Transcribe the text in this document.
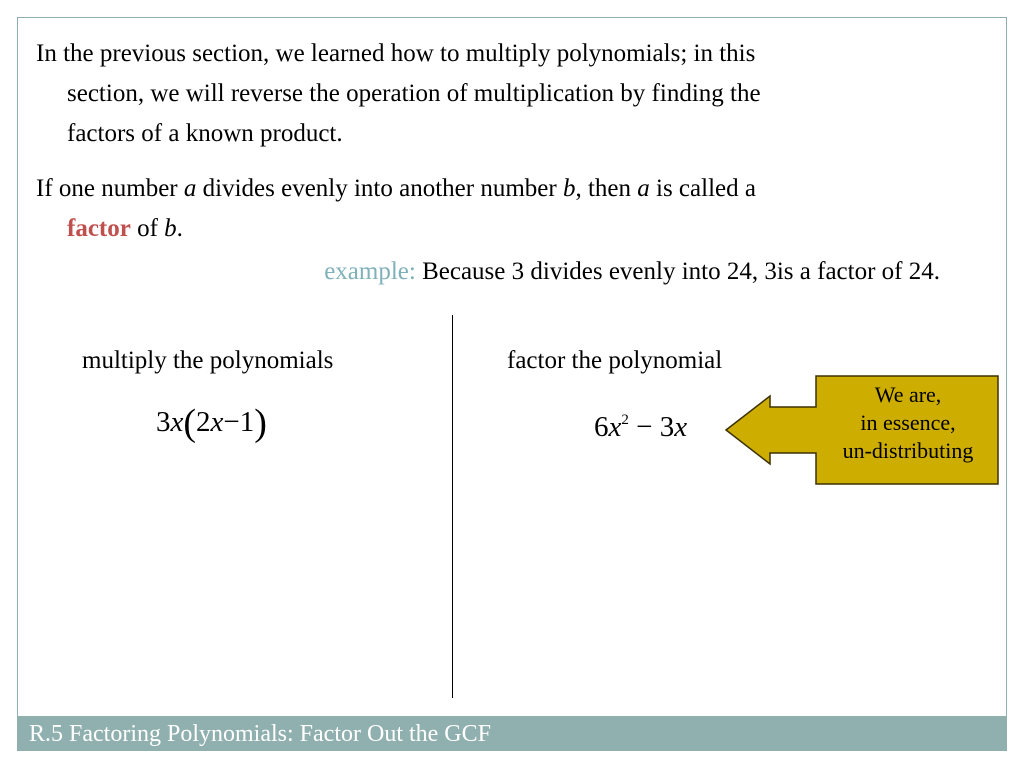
In the previous section, we learned how to multiply polynomials; in this
section, we will reverse the operation of multiplication by finding the
factors of a known product.
If one number a divides evenly into another number b, then a is called a
factor of b.
example: Because 3 divides evenly into 24, 3is a factor of 24.
multiply the polynomials	factor the polynomial
3x(2x−1)	$6x^2 - 3x$
We are,
in essence,
un-distributing
R.5 Factoring Polynomials: Factor Out the GCF
